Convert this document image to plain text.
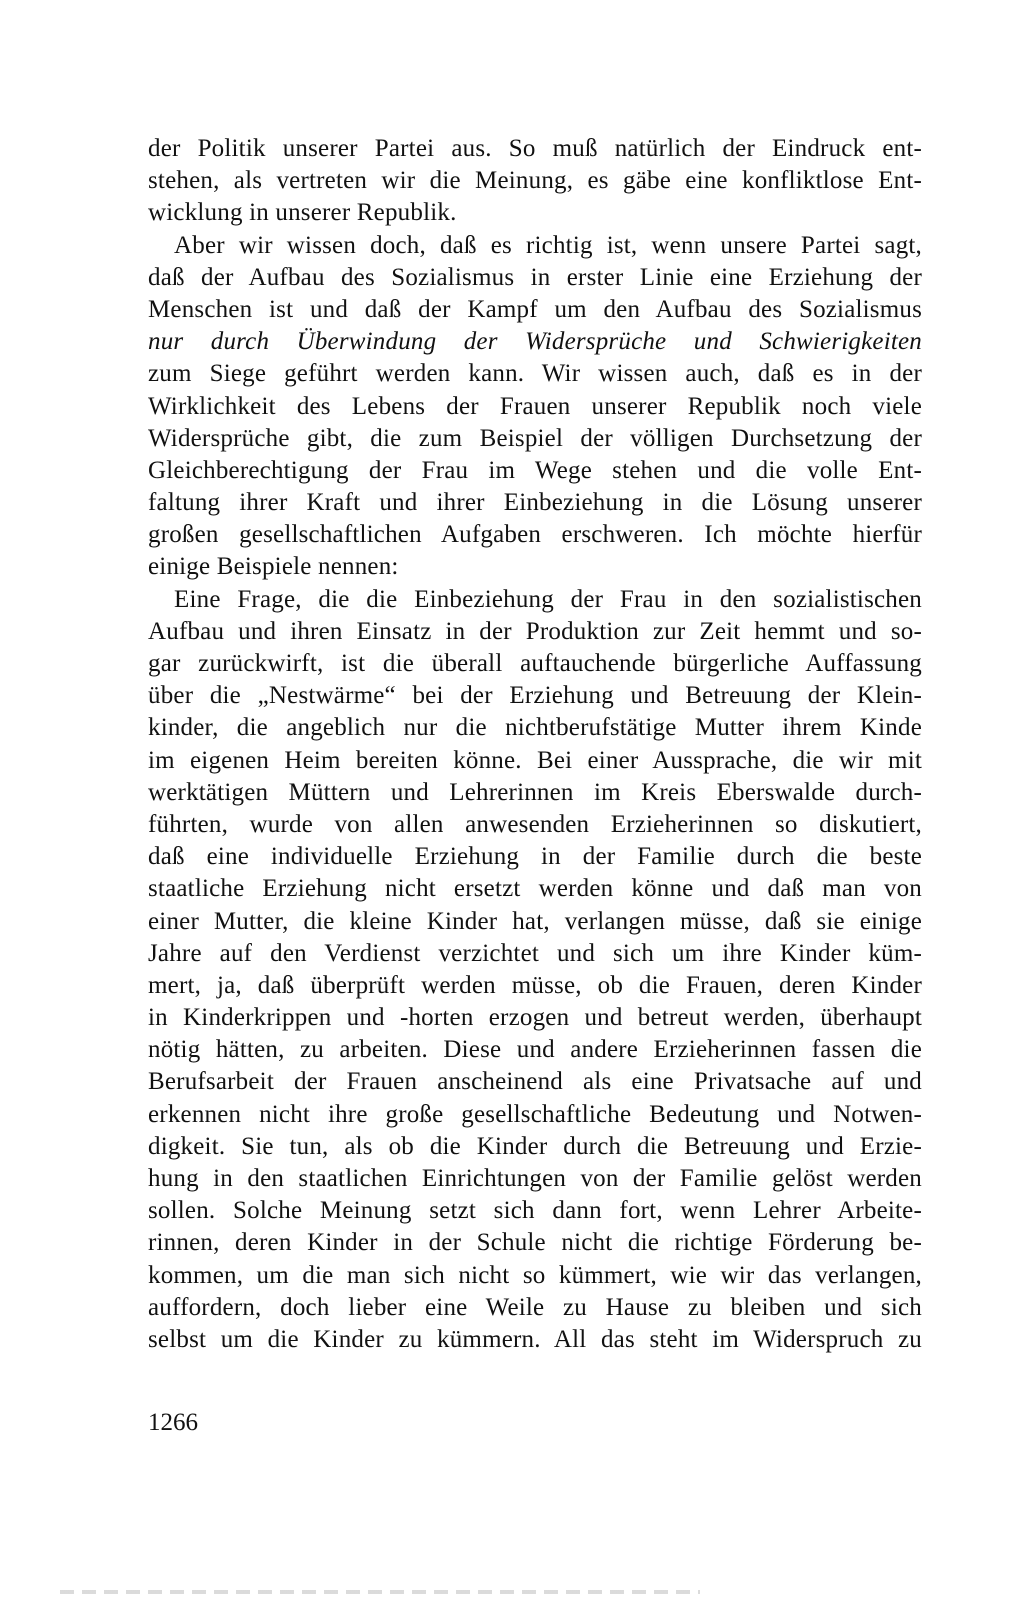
der Politik unserer Partei aus. So muß natürlich der Eindruck ent-
stehen, als vertreten wir die Meinung, es gäbe eine konfliktlose Ent-
wicklung in unserer Republik.
Aber wir wissen doch, daß es richtig ist, wenn unsere Partei sagt,
daß der Aufbau des Sozialismus in erster Linie eine Erziehung der
Menschen ist und daß der Kampf um den Aufbau des Sozialismus
nur durch Überwindung der Widersprüche und Schwierigkeiten
zum Siege geführt werden kann. Wir wissen auch, daß es in der
Wirklichkeit des Lebens der Frauen unserer Republik noch viele
Widersprüche gibt, die zum Beispiel der völligen Durchsetzung der
Gleichberechtigung der Frau im Wege stehen und die volle Ent-
faltung ihrer Kraft und ihrer Einbeziehung in die Lösung unserer
großen gesellschaftlichen Aufgaben erschweren. Ich möchte hierfür
einige Beispiele nennen:
Eine Frage, die die Einbeziehung der Frau in den sozialistischen
Aufbau und ihren Einsatz in der Produktion zur Zeit hemmt und so-
gar zurückwirft, ist die überall auftauchende bürgerliche Auffassung
über die „Nestwärme“ bei der Erziehung und Betreuung der Klein-
kinder, die angeblich nur die nichtberufstätige Mutter ihrem Kinde
im eigenen Heim bereiten könne. Bei einer Aussprache, die wir mit
werktätigen Müttern und Lehrerinnen im Kreis Eberswalde durch-
führten, wurde von allen anwesenden Erzieherinnen so diskutiert,
daß eine individuelle Erziehung in der Familie durch die beste
staatliche Erziehung nicht ersetzt werden könne und daß man von
einer Mutter, die kleine Kinder hat, verlangen müsse, daß sie einige
Jahre auf den Verdienst verzichtet und sich um ihre Kinder küm-
mert, ja, daß überprüft werden müsse, ob die Frauen, deren Kinder
in Kinderkrippen und -horten erzogen und betreut werden, überhaupt
nötig hätten, zu arbeiten. Diese und andere Erzieherinnen fassen die
Berufsarbeit der Frauen anscheinend als eine Privatsache auf und
erkennen nicht ihre große gesellschaftliche Bedeutung und Notwen-
digkeit. Sie tun, als ob die Kinder durch die Betreuung und Erzie-
hung in den staatlichen Einrichtungen von der Familie gelöst werden
sollen. Solche Meinung setzt sich dann fort, wenn Lehrer Arbeite-
rinnen, deren Kinder in der Schule nicht die richtige Förderung be-
kommen, um die man sich nicht so kümmert, wie wir das verlangen,
auffordern, doch lieber eine Weile zu Hause zu bleiben und sich
selbst um die Kinder zu kümmern. All das steht im Widerspruch zu
1266
